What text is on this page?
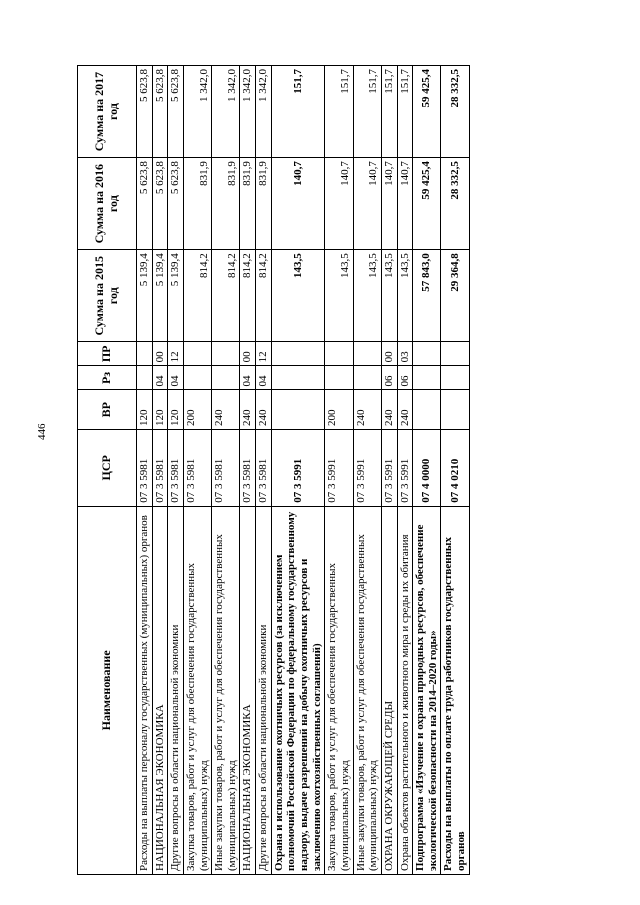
446
Наименование	ЦСР	ВР	Рз	ПР	Сумма на 2015 год	Сумма на 2016 год	Сумма на 2017 год
Расходы на выплаты персоналу государственных (муниципальных) органов	07 3 5981	120			5 139,4	5 623,8	5 623,8
НАЦИОНАЛЬНАЯ ЭКОНОМИКА	07 3 5981	120	04	00	5 139,4	5 623,8	5 623,8
Другие вопросы в области национальной экономики	07 3 5981	120	04	12	5 139,4	5 623,8	5 623,8
Закупка товаров, работ и услуг для обеспечения государственных (муниципальных) нужд	07 3 5981	200			814,2	831,9	1 342,0
Иные закупки товаров, работ и услуг для обеспечения государственных (муниципальных) нужд	07 3 5981	240			814,2	831,9	1 342,0
НАЦИОНАЛЬНАЯ ЭКОНОМИКА	07 3 5981	240	04	00	814,2	831,9	1 342,0
Другие вопросы в области национальной экономики	07 3 5981	240	04	12	814,2	831,9	1 342,0
Охрана и использование охотничьих ресурсов (за исключением полномочий Российской Федерации по федеральному государственному надзору, выдаче разрешений на добычу охотничьих ресурсов и заключению охотхозяйственных соглашений)	07 3 5991				143,5	140,7	151,7
Закупка товаров, работ и услуг для обеспечения государственных (муниципальных) нужд	07 3 5991	200			143,5	140,7	151,7
Иные закупки товаров, работ и услуг для обеспечения государственных (муниципальных) нужд	07 3 5991	240			143,5	140,7	151,7
ОХРАНА ОКРУЖАЮЩЕЙ СРЕДЫ	07 3 5991	240	06	00	143,5	140,7	151,7
Охрана объектов растительного и животного мира и среды их обитания	07 3 5991	240	06	03	143,5	140,7	151,7
Подпрограмма «Изучение и охрана природных ресурсов, обеспечение экологической безопасности на 2014–2020 годы»	07 4 0000				57 843,0	59 425,4	59 425,4
Расходы на выплаты по оплате труда работников государственных органов	07 4 0210				29 364,8	28 332,5	28 332,5
